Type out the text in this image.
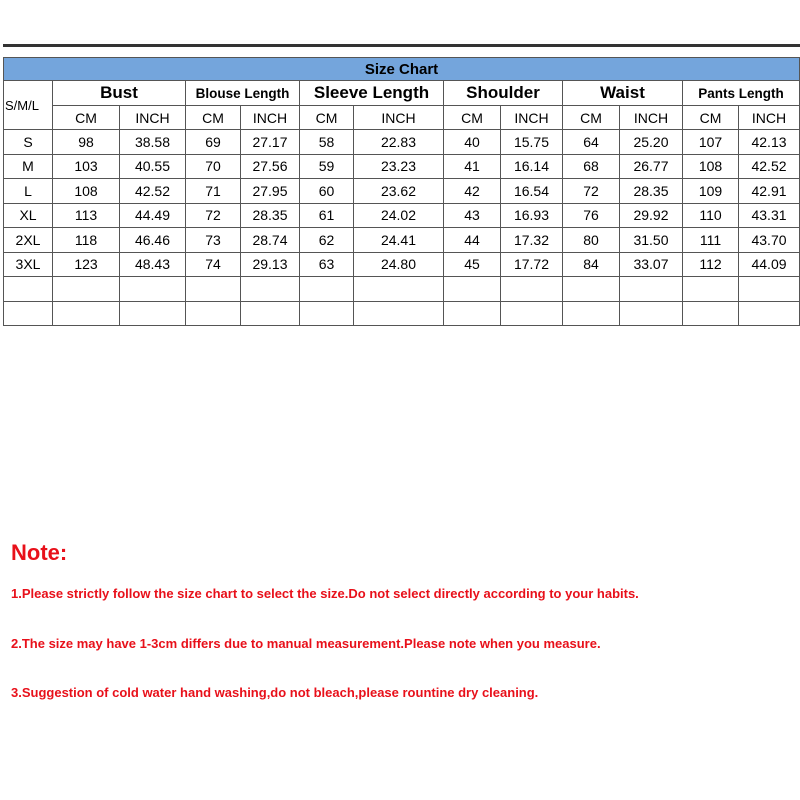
Size Chart												
S/M/L	Bust		Blouse Length		Sleeve Length		Shoulder		Waist		Pants Length	
	CM	INCH	CM	INCH	CM	INCH	CM	INCH	CM	INCH	CM	INCH
S	98	38.58	69	27.17	58	22.83	40	15.75	64	25.20	107	42.13
M	103	40.55	70	27.56	59	23.23	41	16.14	68	26.77	108	42.52
L	108	42.52	71	27.95	60	23.62	42	16.54	72	28.35	109	42.91
XL	113	44.49	72	28.35	61	24.02	43	16.93	76	29.92	110	43.31
2XL	118	46.46	73	28.74	62	24.41	44	17.32	80	31.50	111	43.70
3XL	123	48.43	74	29.13	63	24.80	45	17.72	84	33.07	112	44.09

Note:
1.Please strictly follow the size chart to select the size.Do not select directly according to your habits.
2.The size may have 1-3cm differs due to manual measurement.Please note when you measure.
3.Suggestion of cold water hand washing,do not bleach,please rountine dry cleaning.
